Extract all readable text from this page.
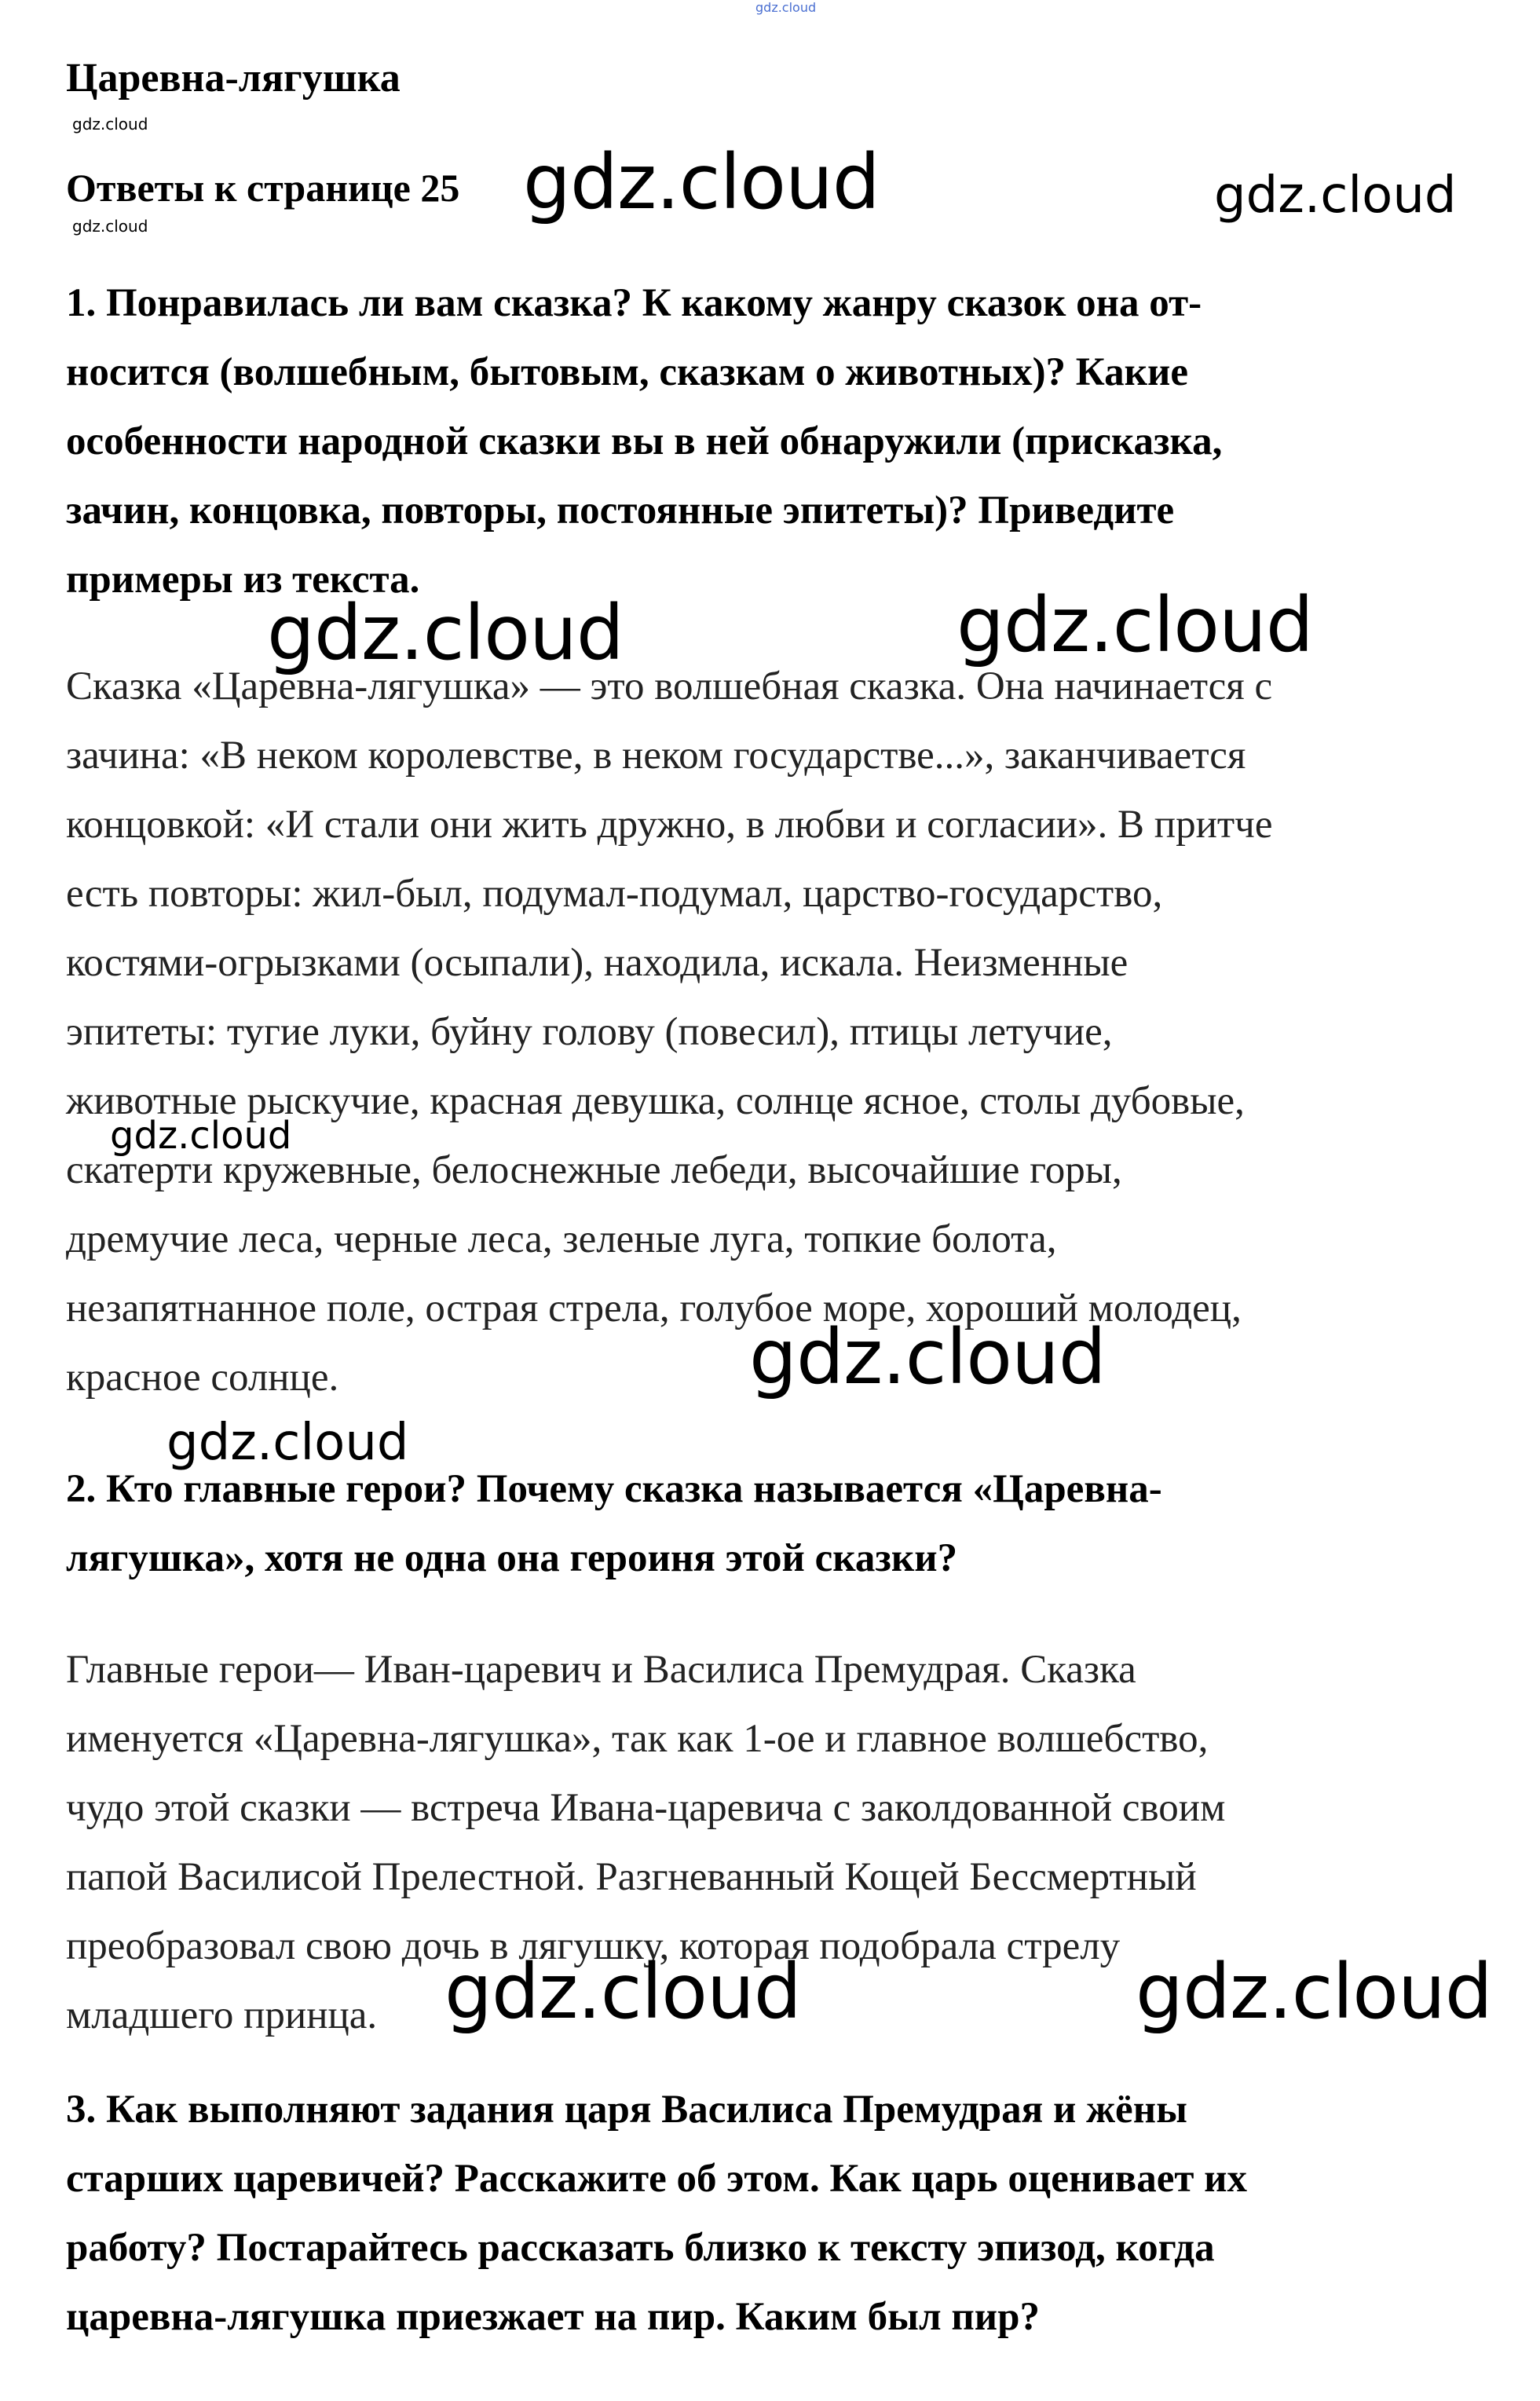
gdz.cloud
Царевна-лягушка
gdz.cloud
Ответы к странице 25
gdz.cloud
1. Понравилась ли вам сказка? К какому жанру сказок она от-
носится (волшебным, бытовым, сказкам о животных)? Какие
особенности народной сказки вы в ней обнаружили (присказка,
зачин, концовка, повторы, постоянные эпитеты)? Приведите
примеры из текста.
Сказка «Царевна-лягушка» — это волшебная сказка. Она начинается с
зачина: «В неком королевстве, в неком государстве...», заканчивается
концовкой: «И стали они жить дружно, в любви и согласии». В притче
есть повторы: жил-был, подумал-подумал, царство-государство,
костями-огрызками (осыпали), находила, искала. Неизменные
эпитеты: тугие луки, буйну голову (повесил), птицы летучие,
животные рыскучие, красная девушка, солнце ясное, столы дубовые,
скатерти кружевные, белоснежные лебеди, высочайшие горы,
дремучие леса, черные леса, зеленые луга, топкие болота,
незапятнанное поле, острая стрела, голубое море, хороший молодец,
красное солнце.
2. Кто главные герои? Почему сказка называется «Царевна-
лягушка», хотя не одна она героиня этой сказки?
Главные герои— Иван-царевич и Василиса Премудрая. Сказка
именуется «Царевна-лягушка», так как 1-ое и главное волшебство,
чудо этой сказки — встреча Ивана-царевича с заколдованной своим
папой Василисой Прелестной. Разгневанный Кощей Бессмертный
преобразовал свою дочь в лягушку, которая подобрала стрелу
младшего принца.
3. Как выполняют задания царя Василиса Премудрая и жёны
старших царевичей? Расскажите об этом. Как царь оценивает их
работу? Постарайтесь рассказать близко к тексту эпизод, когда
царевна-лягушка приезжает на пир. Каким был пир?
gdz.cloud	gdz.cloud
gdz.cloud	gdz.cloud
gdz.cloud
gdz.cloud
gdz.cloud
gdz.cloud	gdz.cloud
